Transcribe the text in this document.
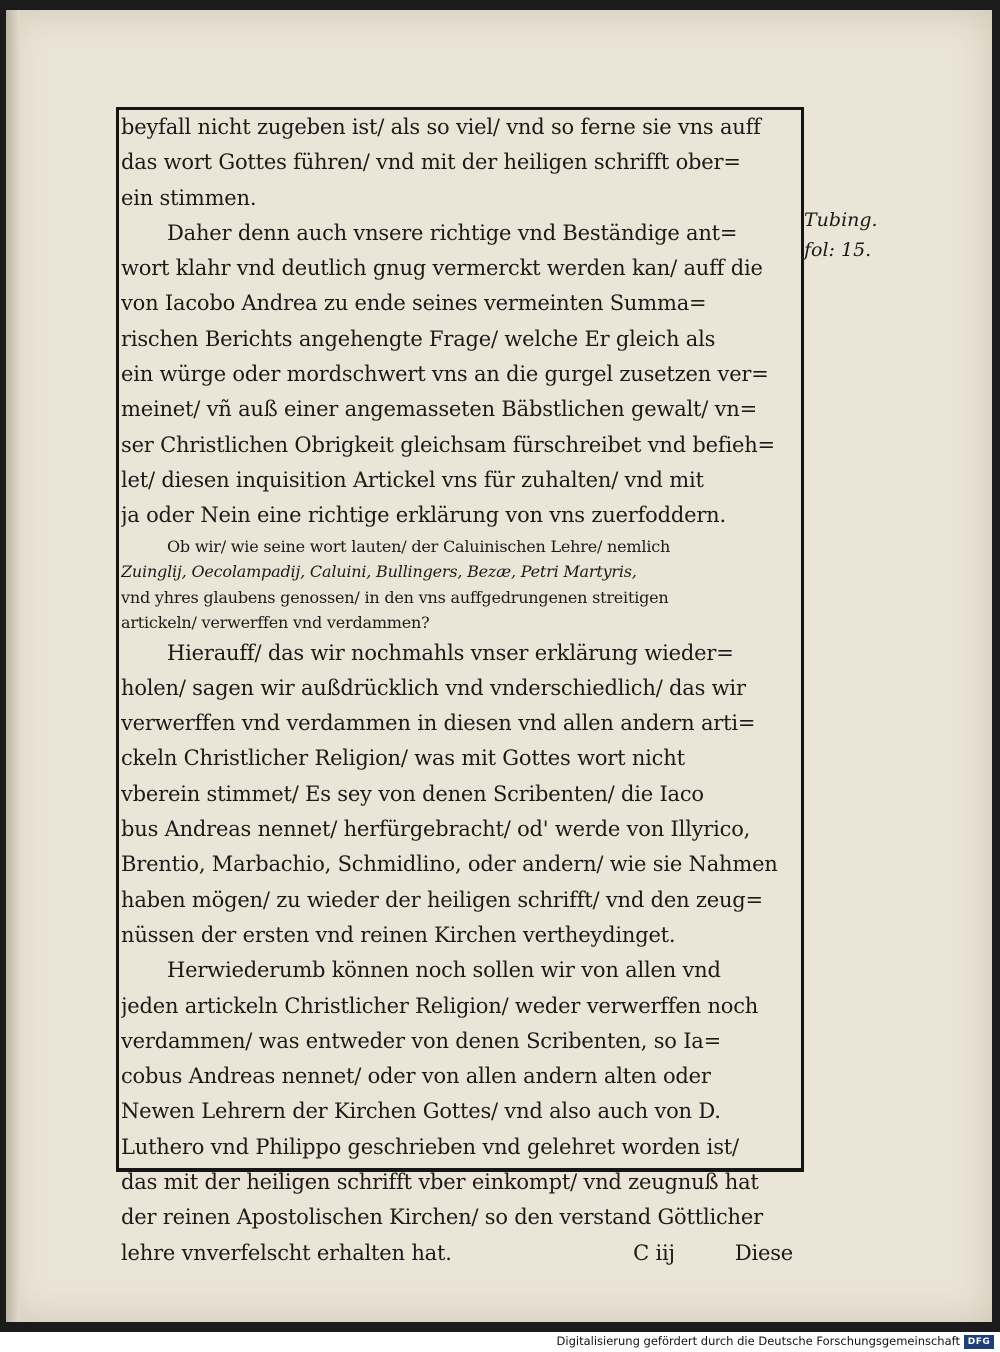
beyfall nicht zugeben ist/ als so viel/ vnd so ferne sie vns auff
das wort Gottes führen/ vnd mit der heiligen schrifft ober=
ein stimmen.
Daher denn auch vnsere richtige vnd Beständige ant=
wort klahr vnd deutlich gnug vermerckt werden kan/ auff die
von Iacobo Andrea zu ende seines vermeinten Summa=
rischen Berichts angehengte Frage/ welche Er gleich als
ein würge oder mordschwert vns an die gurgel zusetzen ver=
meinet/ vñ auß einer angemasseten Bäbstlichen gewalt/ vn=
ser Christlichen Obrigkeit gleichsam fürschreibet vnd befieh=
let/ diesen inquisition Artickel vns für zuhalten/ vnd mit
ja oder Nein eine richtige erklärung von vns zuerfoddern.
Ob wir/ wie seine wort lauten/ der Caluinischen Lehre/ nemlich
Zuinglij, Oecolampadij, Caluini, Bullingers, Bezæ, Petri Martyris,
vnd yhres glaubens genossen/ in den vns auffgedrungenen streitigen
artickeln/ verwerffen vnd verdammen?
Hierauff/ das wir nochmahls vnser erklärung wieder=
holen/ sagen wir außdrücklich vnd vnderschiedlich/ das wir
verwerffen vnd verdammen in diesen vnd allen andern arti=
ckeln Christlicher Religion/ was mit Gottes wort nicht
vberein stimmet/ Es sey von denen Scribenten/ die Iaco
bus Andreas nennet/ herfürgebracht/ od' werde von Illyrico,
Brentio, Marbachio, Schmidlino, oder andern/ wie sie Nahmen
haben mögen/ zu wieder der heiligen schrifft/ vnd den zeug=
nüssen der ersten vnd reinen Kirchen vertheydinget.
Herwiederumb können noch sollen wir von allen vnd
jeden artickeln Christlicher Religion/ weder verwerffen noch
verdammen/ was entweder von denen Scribenten, so Ia=
cobus Andreas nennet/ oder von allen andern alten oder
Newen Lehrern der Kirchen Gottes/ vnd also auch von D.
Luthero vnd Philippo geschrieben vnd gelehret worden ist/
das mit der heiligen schrifft vber einkompt/ vnd zeugnuß hat
der reinen Apostolischen Kirchen/ so den verstand Göttlicher
lehre vnverfelscht erhalten hat.	C iij	Diese
Tubing.
fol: 15.
Digitalisierung gefördert durch die Deutsche Forschungsgemeinschaft DFG
